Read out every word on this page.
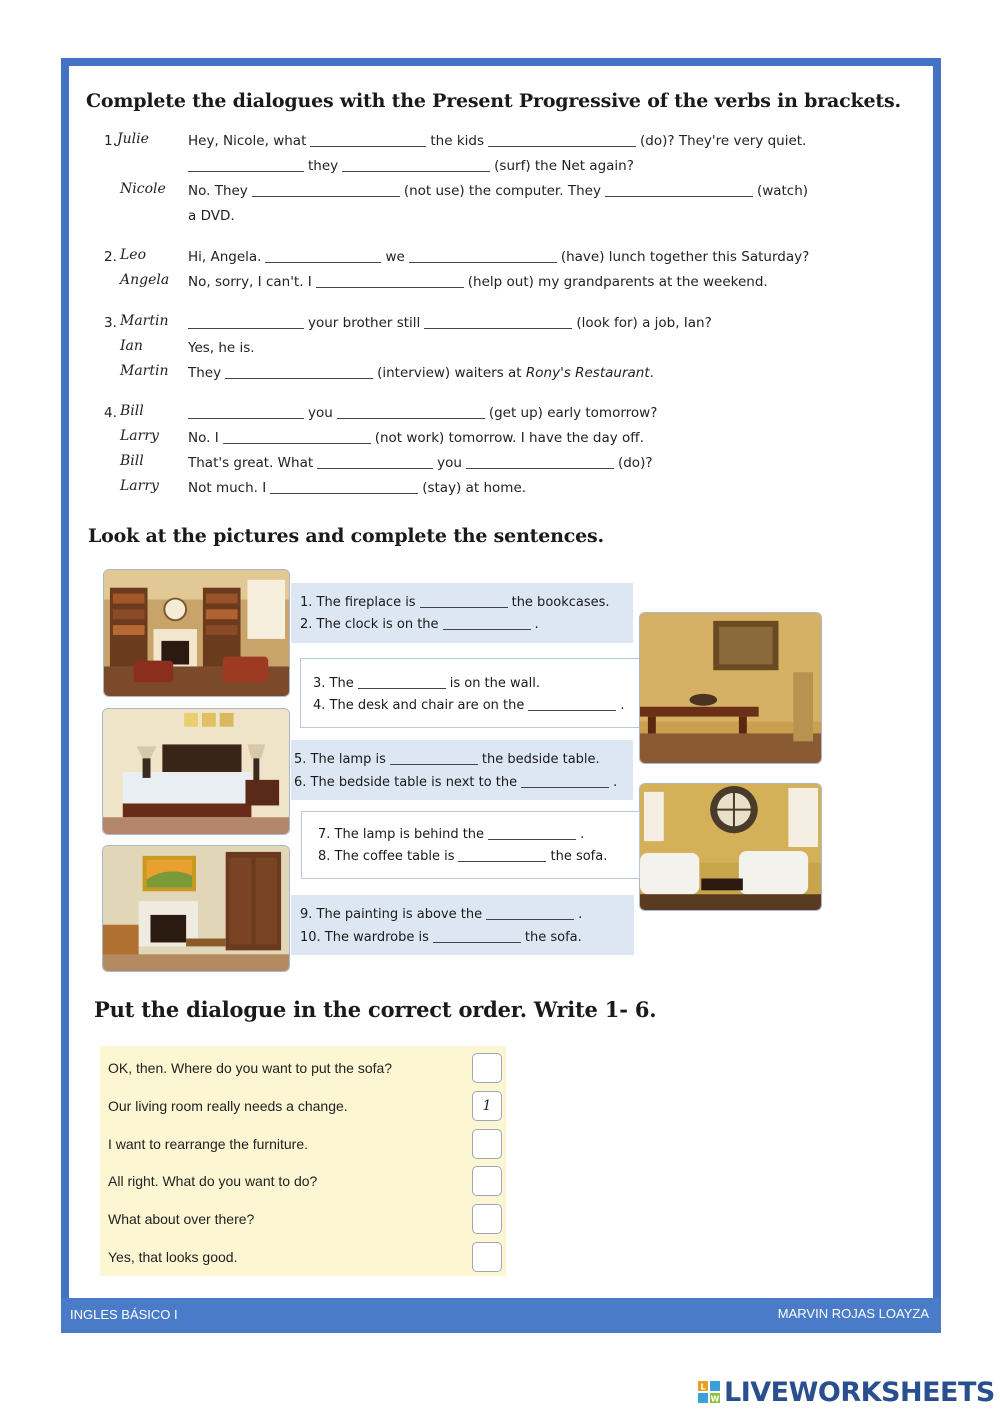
Complete the dialogues with the Present Progressive of the verbs in brackets.
1. Julie	Hey, Nicole, what	the kids	(do)? They're very quiet.
they	(surf) the Net again?
Nicole No. They	(not use) the computer. They	(watch)
a DVD.
2. Leo	Hi, Angela.	we	(have) lunch together this Saturday?
Angela No, sorry, I can't. I	(help out) my grandparents at the weekend.
3. Martin	your brother still	(look for) a job, Ian?
Ian	Yes, he is.
Martin They	(interview) waiters at Rony's Restaurant.
4. Bill	you	(get up) early tomorrow?
Larry No. I	(not work) tomorrow. I have the day off.
Bill	That's great. What	you	(do)?
Larry Not much. I	(stay) at home.
Look at the pictures and complete the sentences.
1. The fireplace is	the bookcases.
2. The clock is on the	.
3. The	is on the wall.
4. The desk and chair are on the	.
5. The lamp is	the bedside table.
6. The bedside table is next to the	.
7. The lamp is behind the	.
8. The coffee table is	the sofa.
9. The painting is above the	.
10. The wardrobe is	the sofa.
Put the dialogue in the correct order. Write 1- 6.
OK, then. Where do you want to put the sofa?
Our living room really needs a change.	1
I want to rearrange the furniture.
All right. What do you want to do?
What about over there?
Yes, that looks good.
INGLES BÁSICO I	MARVIN ROJAS LOAYZA
L
W LIVEWORKSHEETS
